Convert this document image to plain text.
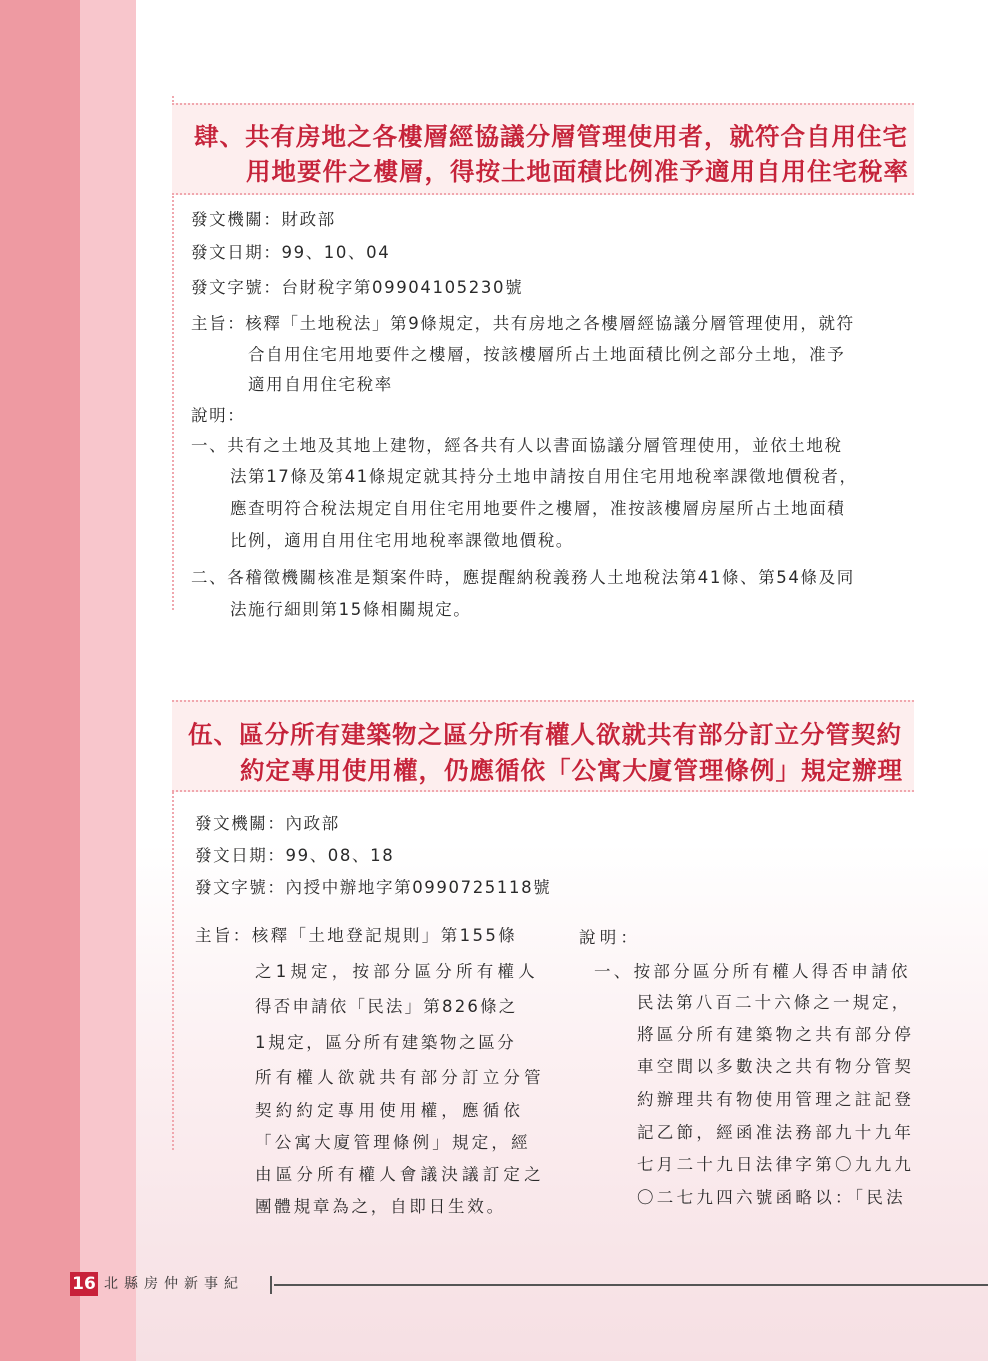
肆、共有房地之各樓層經協議分層管理使用者，就符合自用住宅
用地要件之樓層，得按土地面積比例准予適用自用住宅稅率
發文機關：財政部
發文日期：99、10、04
發文字號：台財稅字第09904105230號
主旨：核釋「土地稅法」第9條規定，共有房地之各樓層經協議分層管理使用，就符
合自用住宅用地要件之樓層，按該樓層所占土地面積比例之部分土地，准予
適用自用住宅稅率
說明：
一、共有之土地及其地上建物，經各共有人以書面協議分層管理使用，並依土地稅
法第17條及第41條規定就其持分土地申請按自用住宅用地稅率課徵地價稅者，
應查明符合稅法規定自用住宅用地要件之樓層，准按該樓層房屋所占土地面積
比例，適用自用住宅用地稅率課徵地價稅。
二、各稽徵機關核准是類案件時，應提醒納稅義務人土地稅法第41條、第54條及同
法施行細則第15條相關規定。
伍、區分所有建築物之區分所有權人欲就共有部分訂立分管契約
約定專用使用權，仍應循依「公寓大廈管理條例」規定辦理
發文機關：內政部
發文日期：99、08、18
發文字號：內授中辦地字第0990725118號
主旨：核釋「土地登記規則」第155條
之1規定，按部分區分所有權人
得否申請依「民法」第826條之
1規定，區分所有建築物之區分
所有權人欲就共有部分訂立分管
契約約定專用使用權，應循依
「公寓大廈管理條例」規定，經
由區分所有權人會議決議訂定之
團體規章為之，自即日生效。
說明：
一、按部分區分所有權人得否申請依
民法第八百二十六條之一規定，
將區分所有建築物之共有部分停
車空間以多數決之共有物分管契
約辦理共有物使用管理之註記登
記乙節，經函准法務部九十九年
七月二十九日法律字第〇九九九
〇二七九四六號函略以：「民法
16 北縣房仲新事紀
